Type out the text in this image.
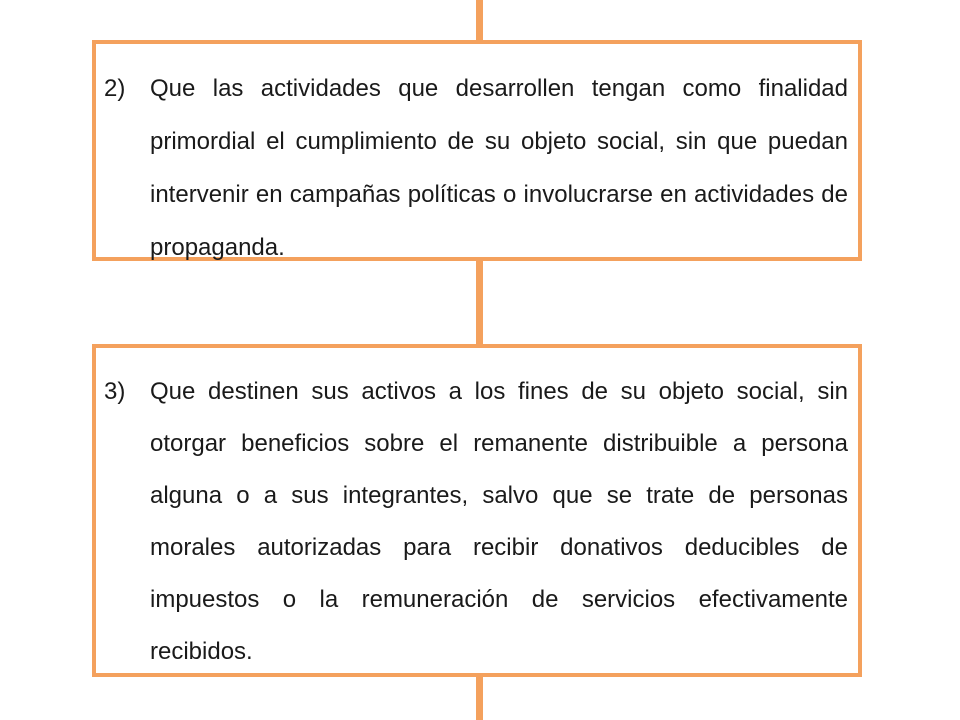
2)	Que las actividades que desarrollen tengan como finalidad primordial el cumplimiento de su objeto social, sin que puedan intervenir en campañas políticas o involucrarse en actividades de propaganda.

3)	Que destinen sus activos a los fines de su objeto social, sin otorgar beneficios sobre el remanente distribuible a persona alguna o a sus integrantes, salvo que se trate de personas morales autorizadas para recibir donativos deducibles de impuestos o la remuneración de servicios efectivamente recibidos.
